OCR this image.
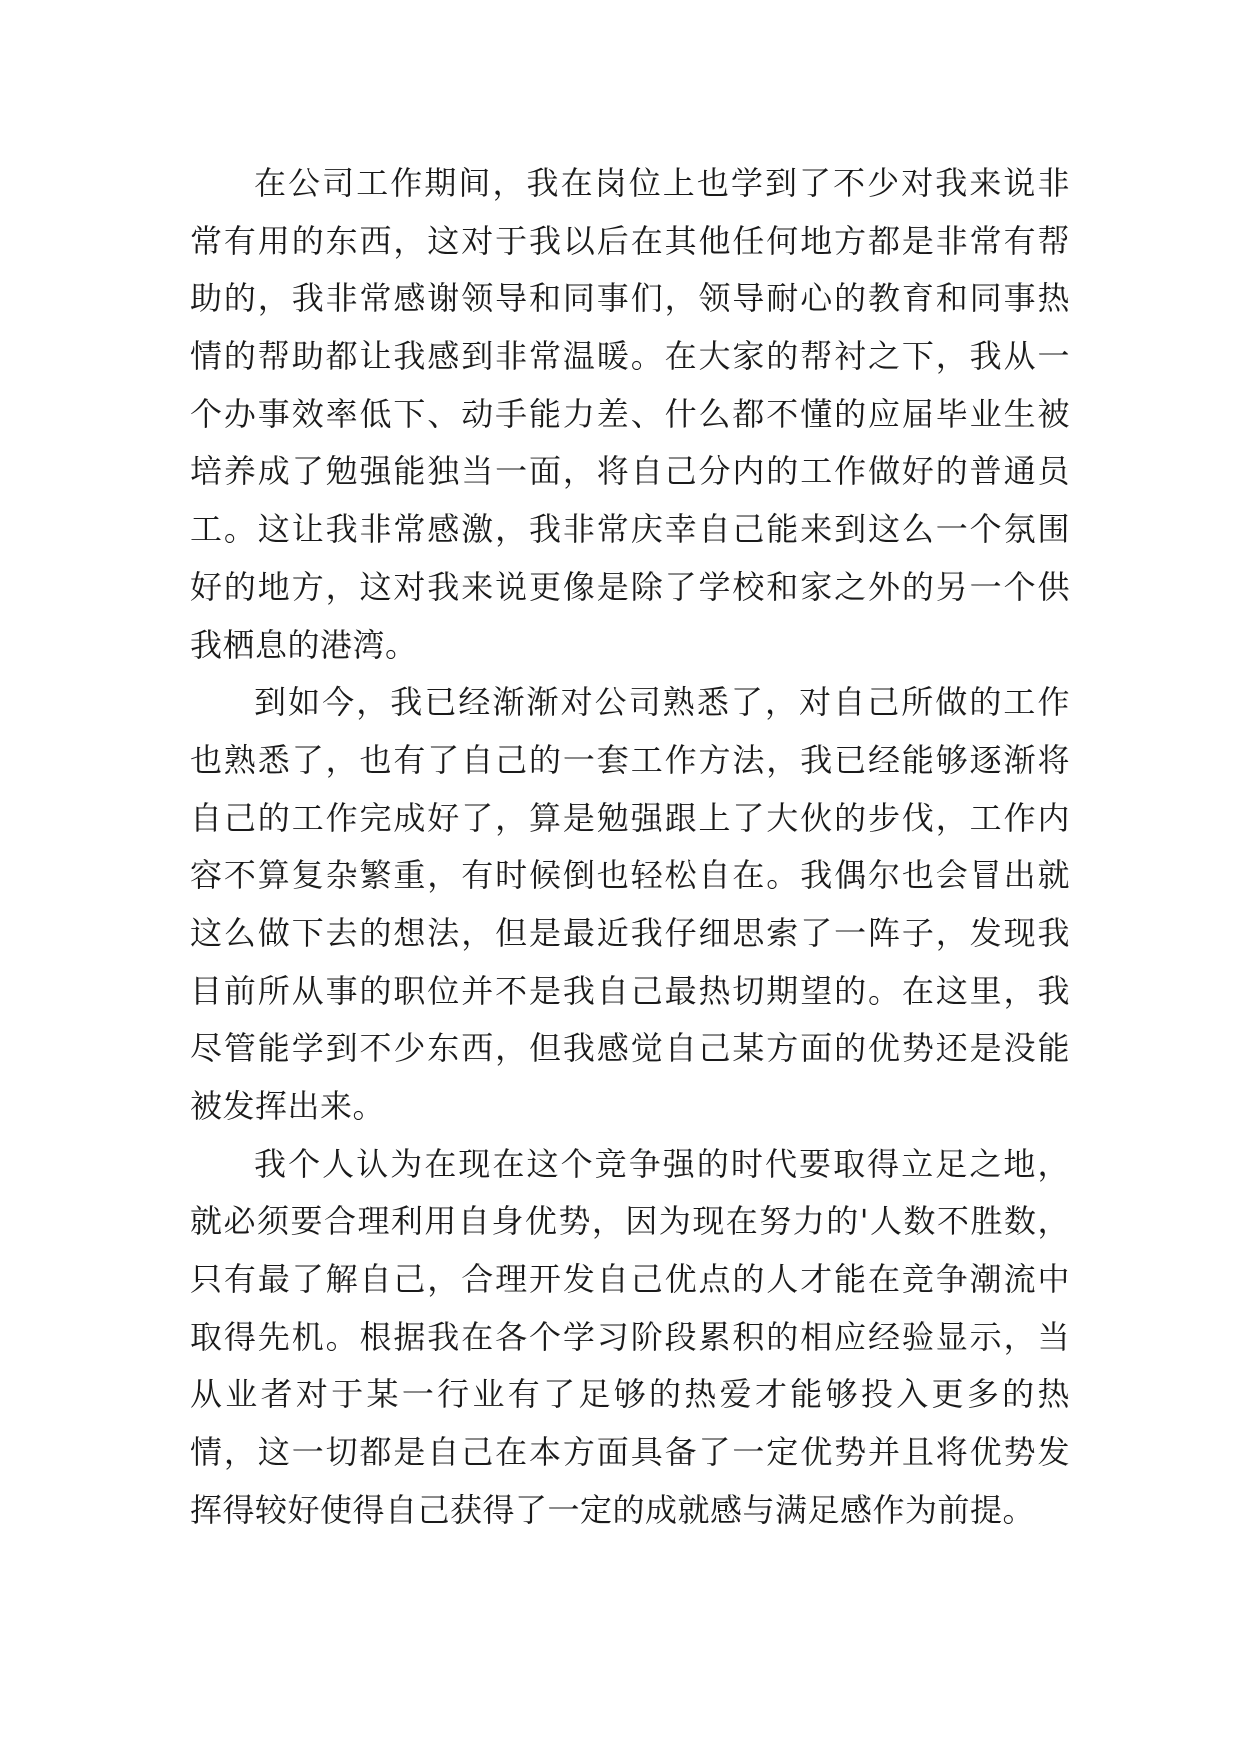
在公司工作期间，我在岗位上也学到了不少对我来说非
常有用的东西，这对于我以后在其他任何地方都是非常有帮
助的，我非常感谢领导和同事们，领导耐心的教育和同事热
情的帮助都让我感到非常温暖。在大家的帮衬之下，我从一
个办事效率低下、动手能力差、什么都不懂的应届毕业生被
培养成了勉强能独当一面，将自己分内的工作做好的普通员
工。这让我非常感激，我非常庆幸自己能来到这么一个氛围
好的地方，这对我来说更像是除了学校和家之外的另一个供
我栖息的港湾。
到如今，我已经渐渐对公司熟悉了，对自己所做的工作
也熟悉了，也有了自己的一套工作方法，我已经能够逐渐将
自己的工作完成好了，算是勉强跟上了大伙的步伐，工作内
容不算复杂繁重，有时候倒也轻松自在。我偶尔也会冒出就
这么做下去的想法，但是最近我仔细思索了一阵子，发现我
目前所从事的职位并不是我自己最热切期望的。在这里，我
尽管能学到不少东西，但我感觉自己某方面的优势还是没能
被发挥出来。
我个人认为在现在这个竞争强的时代要取得立足之地，
就必须要合理利用自身优势，因为现在努力的'人数不胜数，
只有最了解自己，合理开发自己优点的人才能在竞争潮流中
取得先机。根据我在各个学习阶段累积的相应经验显示，当
从业者对于某一行业有了足够的热爱才能够投入更多的热
情，这一切都是自己在本方面具备了一定优势并且将优势发
挥得较好使得自己获得了一定的成就感与满足感作为前提。
